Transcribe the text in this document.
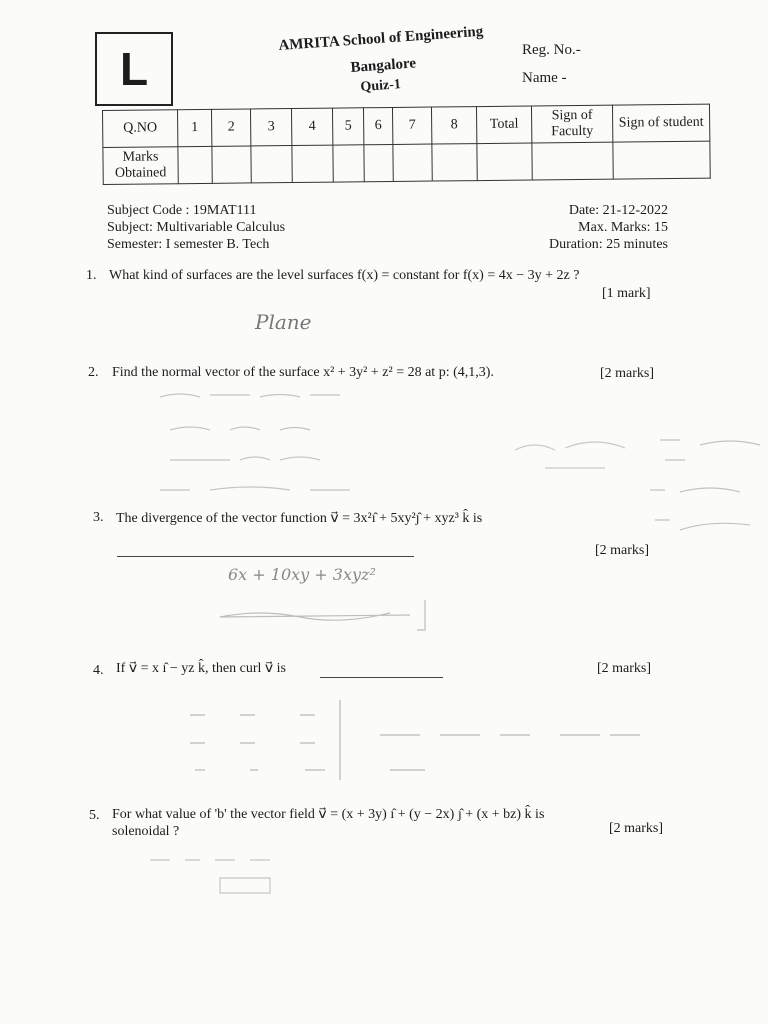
L
AMRITA School of Engineering
Bangalore
Quiz-1
Reg. No.-
Name -
Q.NO	1	2	3	4	5	6	7	8	Total	Sign of Faculty	Sign of student
Marks Obtained											
Subject Code : 19MAT111
Subject: Multivariable Calculus
Semester: I semester B. Tech
Date: 21-12-2022
Max. Marks: 15
Duration: 25 minutes
1. What kind of surfaces are the level surfaces f(x) = constant for f(x) = 4x − 3y + 2z ?
[1 mark]
Plane
2. Find the normal vector of the surface x² + 3y² + z² = 28 at p: (4,1,3).	[2 marks]
3. The divergence of the vector function v⃗ = 3x²ı̂ + 5xy²ȷ̂ + xyz³ k̂ is
[2 marks]
6x + 10xy + 3xyz²
4. If v⃗ = x ı̂ − yz k̂, then curl v⃗ is	[2 marks]
5. For what value of 'b' the vector field v⃗ = (x + 3y) ı̂ + (y − 2x) ȷ̂ + (x + bz) k̂ is
solenoidal ?	[2 marks]
